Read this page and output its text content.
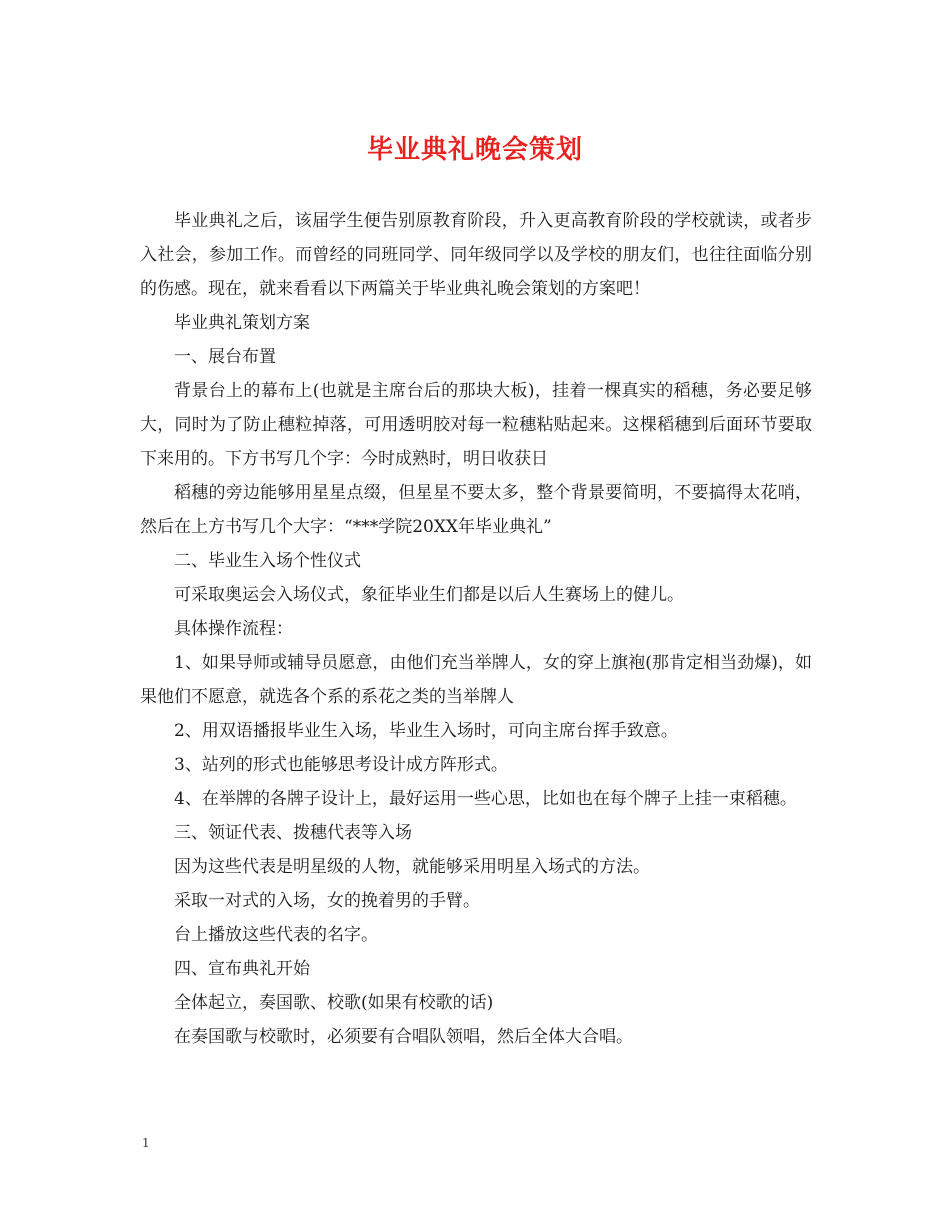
毕业典礼晚会策划

毕业典礼之后，该届学生便告别原教育阶段，升入更高教育阶段的学校就读，或者步入社会，参加工作。而曾经的同班同学、同年级同学以及学校的朋友们，也往往面临分别的伤感。现在，就来看看以下两篇关于毕业典礼晚会策划的方案吧！

毕业典礼策划方案

一、展台布置

背景台上的幕布上(也就是主席台后的那块大板)，挂着一棵真实的稻穗，务必要足够大，同时为了防止穗粒掉落，可用透明胶对每一粒穗粘贴起来。这棵稻穗到后面环节要取下来用的。下方书写几个字：今时成熟时，明日收获日

稻穗的旁边能够用星星点缀，但星星不要太多，整个背景要简明，不要搞得太花哨，然后在上方书写几个大字：“***学院20XX年毕业典礼”

二、毕业生入场个性仪式

可采取奥运会入场仪式，象征毕业生们都是以后人生赛场上的健儿。

具体操作流程：

1、如果导师或辅导员愿意，由他们充当举牌人，女的穿上旗袍(那肯定相当劲爆)，如果他们不愿意，就选各个系的系花之类的当举牌人

2、用双语播报毕业生入场，毕业生入场时，可向主席台挥手致意。

3、站列的形式也能够思考设计成方阵形式。

4、在举牌的各牌子设计上，最好运用一些心思，比如也在每个牌子上挂一束稻穗。

三、领证代表、拨穗代表等入场

因为这些代表是明星级的人物，就能够采用明星入场式的方法。

采取一对式的入场，女的挽着男的手臂。

台上播放这些代表的名字。

四、宣布典礼开始

全体起立，奏国歌、校歌(如果有校歌的话)

在奏国歌与校歌时，必须要有合唱队领唱，然后全体大合唱。

1
